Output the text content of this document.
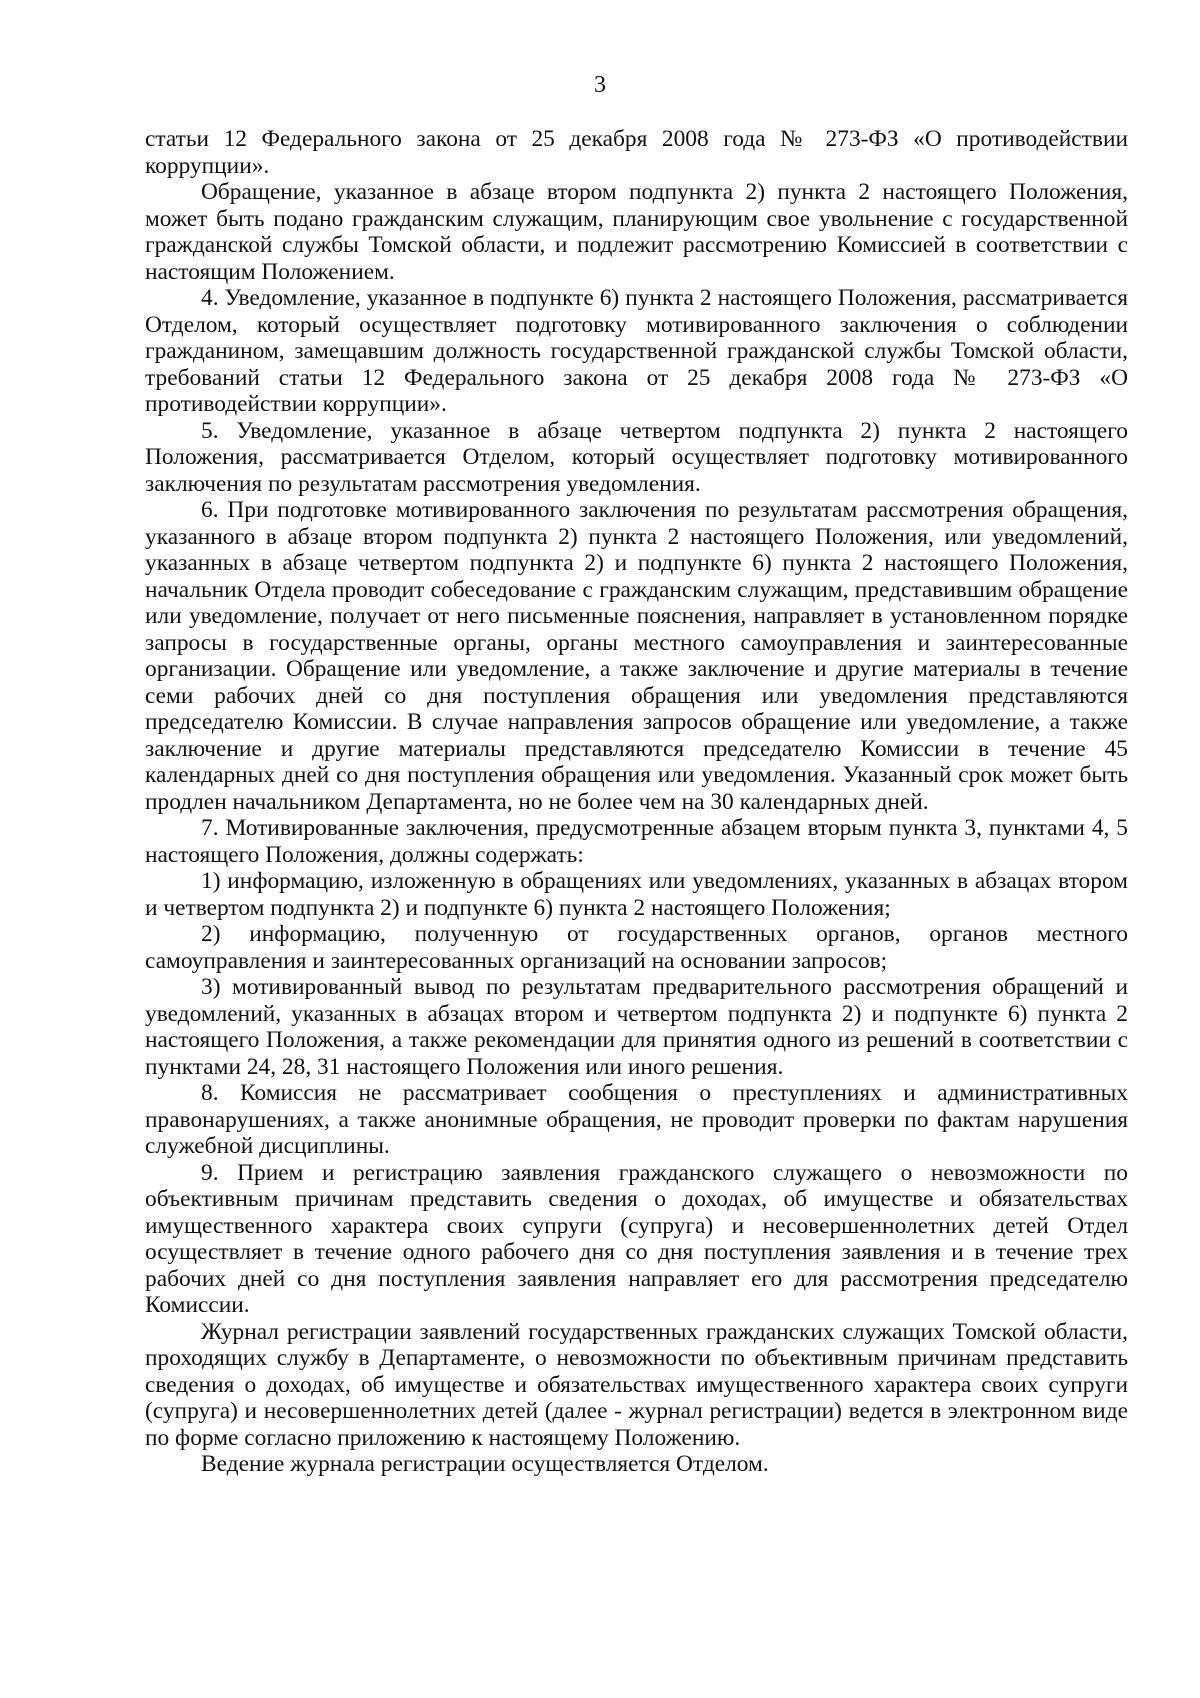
3

статьи 12 Федерального закона от 25 декабря 2008 года № 273-ФЗ «О противодействии коррупции».

Обращение, указанное в абзаце втором подпункта 2) пункта 2 настоящего Положения, может быть подано гражданским служащим, планирующим свое увольнение с государственной гражданской службы Томской области, и подлежит рассмотрению Комиссией в соответствии с настоящим Положением.

4. Уведомление, указанное в подпункте 6) пункта 2 настоящего Положения, рассматривается Отделом, который осуществляет подготовку мотивированного заключения о соблюдении гражданином, замещавшим должность государственной гражданской службы Томской области, требований статьи 12 Федерального закона от 25 декабря 2008 года № 273-ФЗ «О противодействии коррупции».

5. Уведомление, указанное в абзаце четвертом подпункта 2) пункта 2 настоящего Положения, рассматривается Отделом, который осуществляет подготовку мотивированного заключения по результатам рассмотрения уведомления.

6. При подготовке мотивированного заключения по результатам рассмотрения обращения, указанного в абзаце втором подпункта 2) пункта 2 настоящего Положения, или уведомлений, указанных в абзаце четвертом подпункта 2) и подпункте 6) пункта 2 настоящего Положения, начальник Отдела проводит собеседование с гражданским служащим, представившим обращение или уведомление, получает от него письменные пояснения, направляет в установленном порядке запросы в государственные органы, органы местного самоуправления и заинтересованные организации. Обращение или уведомление, а также заключение и другие материалы в течение семи рабочих дней со дня поступления обращения или уведомления представляются председателю Комиссии. В случае направления запросов обращение или уведомление, а также заключение и другие материалы представляются председателю Комиссии в течение 45 календарных дней со дня поступления обращения или уведомления. Указанный срок может быть продлен начальником Департамента, но не более чем на 30 календарных дней.

7. Мотивированные заключения, предусмотренные абзацем вторым пункта 3, пунктами 4, 5 настоящего Положения, должны содержать:

1) информацию, изложенную в обращениях или уведомлениях, указанных в абзацах втором и четвертом подпункта 2) и подпункте 6) пункта 2 настоящего Положения;

2) информацию, полученную от государственных органов, органов местного самоуправления и заинтересованных организаций на основании запросов;

3) мотивированный вывод по результатам предварительного рассмотрения обращений и уведомлений, указанных в абзацах втором и четвертом подпункта 2) и подпункте 6) пункта 2 настоящего Положения, а также рекомендации для принятия одного из решений в соответствии с пунктами 24, 28, 31 настоящего Положения или иного решения.

8. Комиссия не рассматривает сообщения о преступлениях и административных правонарушениях, а также анонимные обращения, не проводит проверки по фактам нарушения служебной дисциплины.

9. Прием и регистрацию заявления гражданского служащего о невозможности по объективным причинам представить сведения о доходах, об имуществе и обязательствах имущественного характера своих супруги (супруга) и несовершеннолетних детей Отдел осуществляет в течение одного рабочего дня со дня поступления заявления и в течение трех рабочих дней со дня поступления заявления направляет его для рассмотрения председателю Комиссии.

Журнал регистрации заявлений государственных гражданских служащих Томской области, проходящих службу в Департаменте, о невозможности по объективным причинам представить сведения о доходах, об имуществе и обязательствах имущественного характера своих супруги (супруга) и несовершеннолетних детей (далее - журнал регистрации) ведется в электронном виде по форме согласно приложению к настоящему Положению.

Ведение журнала регистрации осуществляется Отделом.
